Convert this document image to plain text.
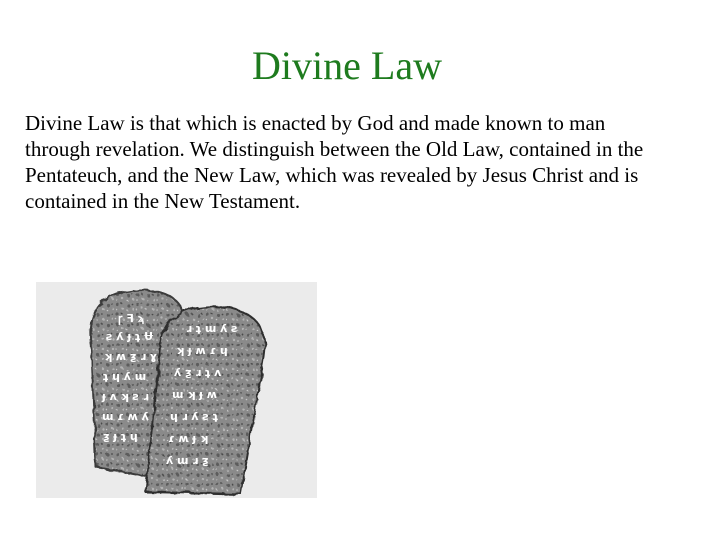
Divine Law

Divine Law is that which is enacted by God and made known to man through revelation. We distinguish between the Old Law, contained in the Pentateuch, and the New Law, which was revealed by Jesus Christ and is contained in the New Testament.

ꞅ ꟻ ϡ
ƨ ʎ ɟ ʇ Ʉ
ʞ ʍ ƺ ɹ ɣ
ʇ ɥ ʎ ɯ
ɟ ʌ ʞ ƨ ɹ
ɯ ɾ ʍ ʎ
ƺ ɟ ʇ ɥ
ɹ ʇ ɯ ʎ ƨ
ʞ ɟ ʍ ɾ ɥ
ʎ ƺ ɹ ʇ ʌ
ɯ ʞ ɟ ʍ
ɥ ɹ ʎ ƨ ʇ
ɾ ʍ ɟ ʞ
ʎ ɯ ɹ ƺ
